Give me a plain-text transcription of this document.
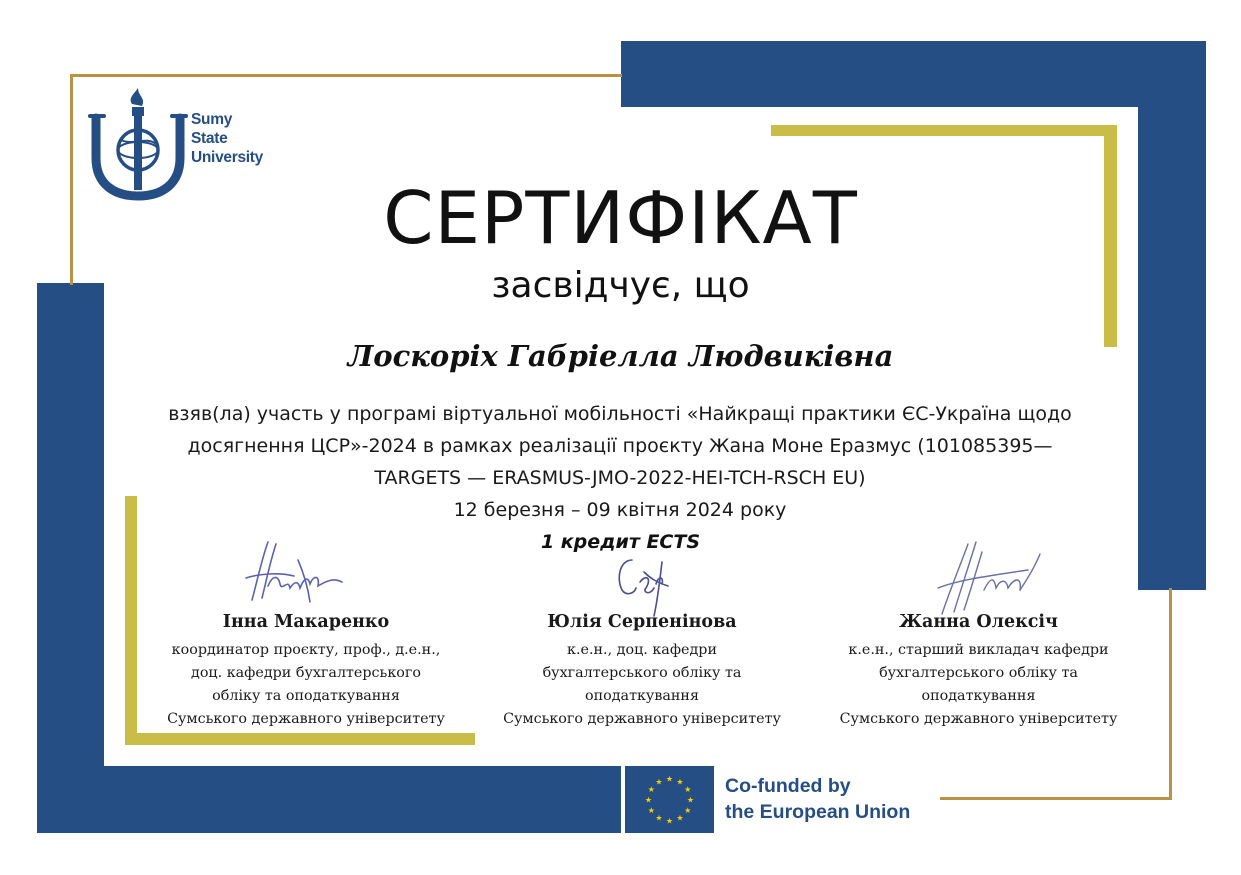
Sumy
State
University
СЕРТИФІКАТ
засвідчує, що
Лоскоріх Габріелла Людвиківна
взяв(ла) участь у програмі віртуальної мобільності «Найкращі практики ЄС-Україна щодо
досягнення ЦСР»-2024 в рамках реалізації проєкту Жана Моне Еразмус (101085395—
TARGETS — ERASMUS-JMO-2022-HEI-TCH-RSCH EU)
12 березня – 09 квітня 2024 року
1 кредит ECTS
Інна Макаренко
координатор проєкту, проф., д.е.н.,
доц. кафедри бухгалтерського
обліку та оподаткування
Сумського державного університету
Юлія Серпенінова
к.е.н., доц. кафедри
бухгалтерського обліку та
оподаткування
Сумського державного університету
Жанна Олексіч
к.е.н., старший викладач кафедри
бухгалтерського обліку та
оподаткування
Сумського державного університету
★ ★
★
★
★
★
★
★
★
★
★
★	Co-funded by
the European Union
